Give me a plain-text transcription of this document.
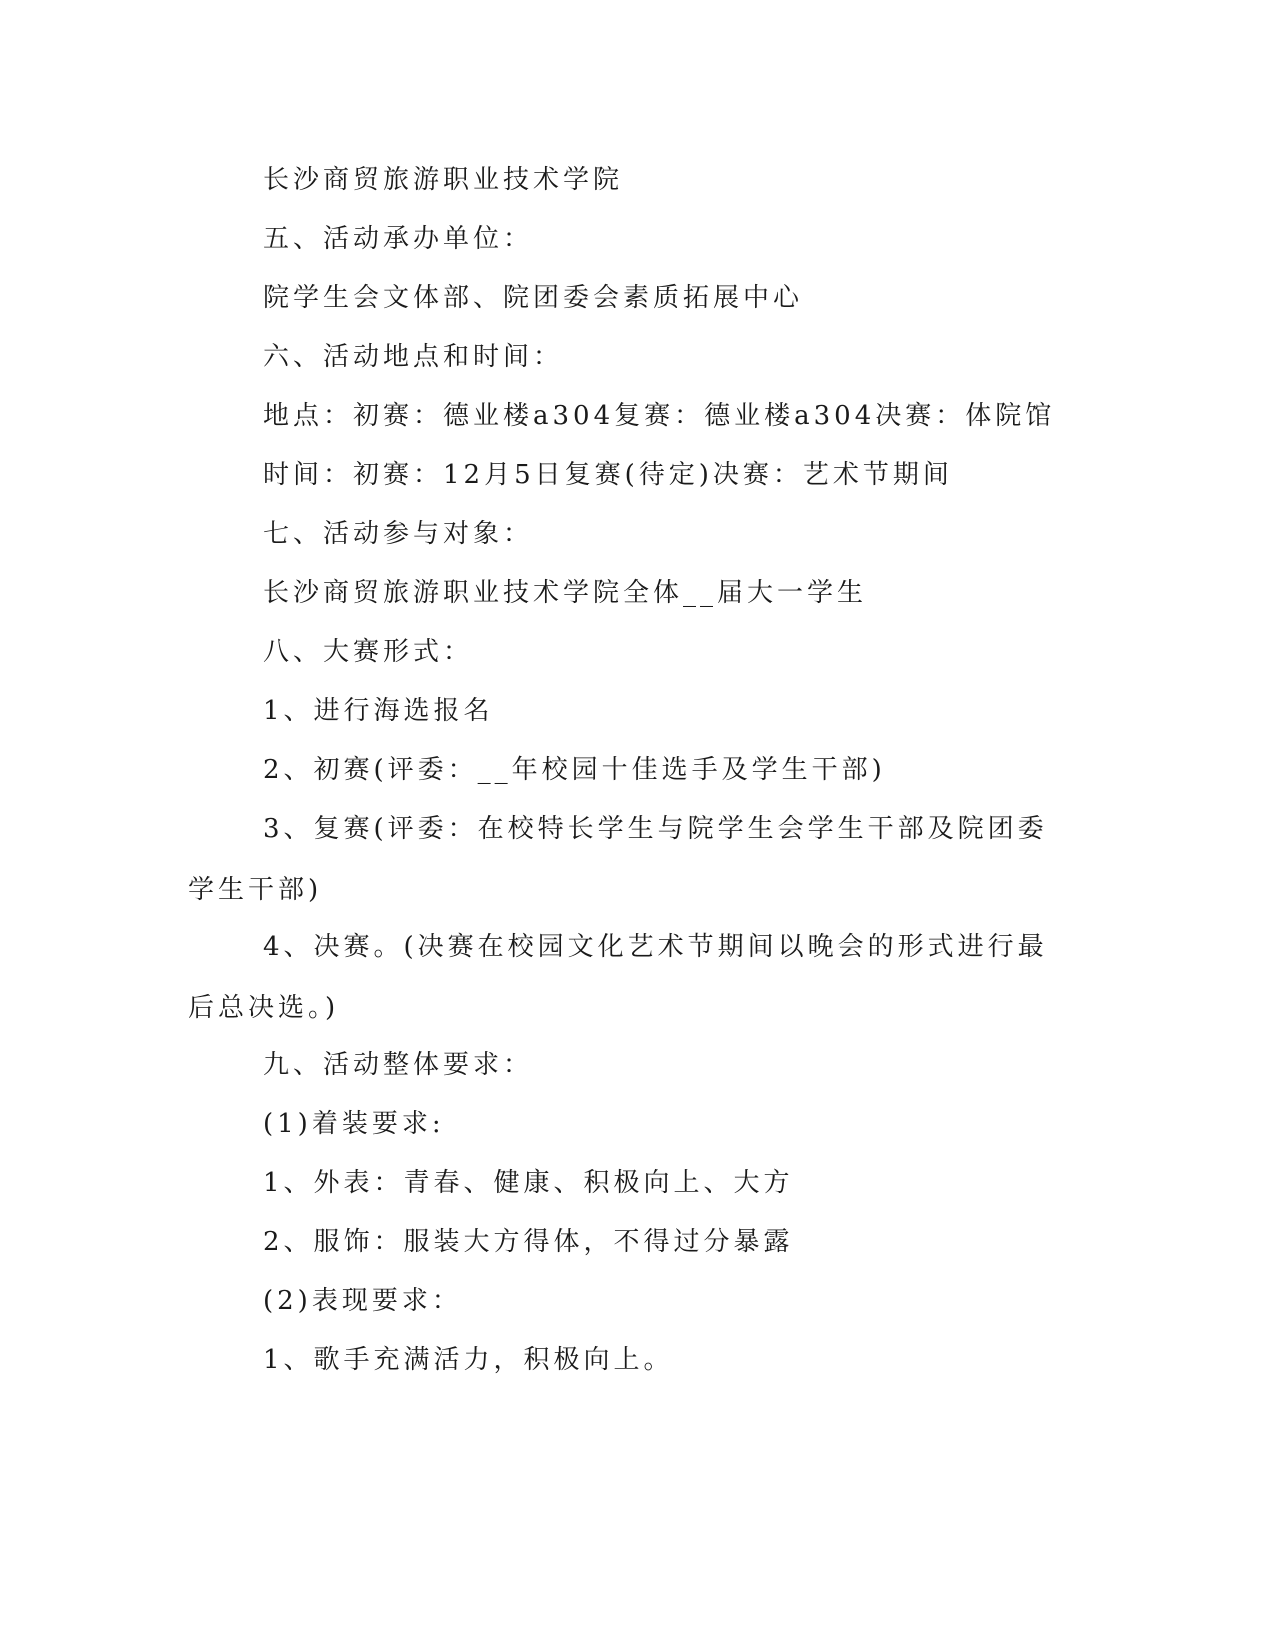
长沙商贸旅游职业技术学院

五、活动承办单位：

院学生会文体部、院团委会素质拓展中心

六、活动地点和时间：

地点：初赛：德业楼a304复赛：德业楼a304决赛：体院馆

时间：初赛：12月5日复赛(待定)决赛：艺术节期间

七、活动参与对象：

长沙商贸旅游职业技术学院全体__届大一学生

八、大赛形式：

1、进行海选报名

2、初赛(评委：__年校园十佳选手及学生干部)

3、复赛(评委：在校特长学生与院学生会学生干部及院团委学生干部)

4、决赛。(决赛在校园文化艺术节期间以晚会的形式进行最后总决选。)

九、活动整体要求：

(1)着装要求:

1、外表：青春、健康、积极向上、大方

2、服饰：服装大方得体，不得过分暴露

(2)表现要求：

1、歌手充满活力，积极向上。
